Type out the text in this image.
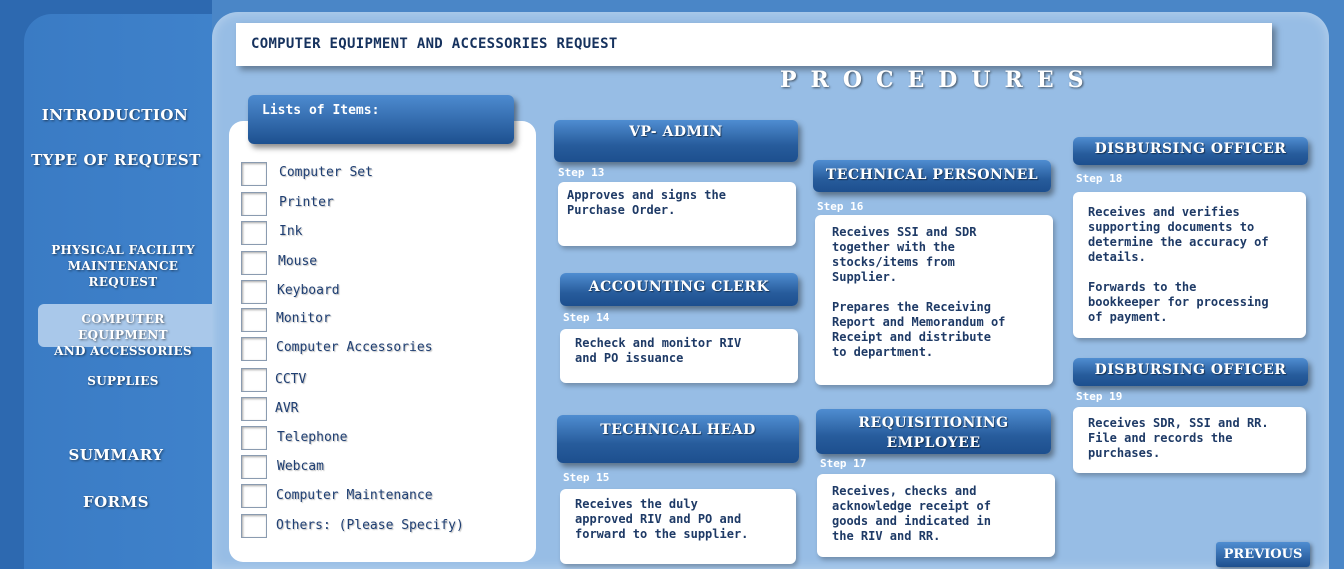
INTRODUCTION
TYPE OF REQUEST
PHYSICAL FACILITY
MAINTENANCE REQUEST
COMPUTER EQUIPMENT
AND ACCESSORIES
SUPPLIES
SUMMARY
FORMS
COMPUTER EQUIPMENT AND ACCESSORIES REQUEST
PROCEDURES
Lists of Items:
Computer Set
Printer
Ink
Mouse
Keyboard
Monitor
Computer Accessories
CCTV
AVR
Telephone
Webcam
Computer Maintenance
Others: (Please Specify)
VP- ADMIN
Step 13
Approves and signs the
Purchase Order.
ACCOUNTING CLERK
Step 14
Recheck and monitor RIV
and PO issuance
TECHNICAL HEAD
Step 15
Receives the duly
approved RIV and PO and
forward to the supplier.
TECHNICAL PERSONNEL
Step 16
Receives SSI and SDR
together with the
stocks/items from
Supplier.

Prepares the Receiving
Report and Memorandum of
Receipt and distribute
to department.
REQUISITIONING
EMPLOYEE
Step 17
Receives, checks and
acknowledge receipt of
goods and indicated in
the RIV and RR.
DISBURSING OFFICER
Step 18
Receives and verifies
supporting documents to
determine the accuracy of
details.

Forwards to the
bookkeeper for processing
of payment.
DISBURSING OFFICER
Step 19
Receives SDR, SSI and RR.
File and records the
purchases.
PREVIOUS
